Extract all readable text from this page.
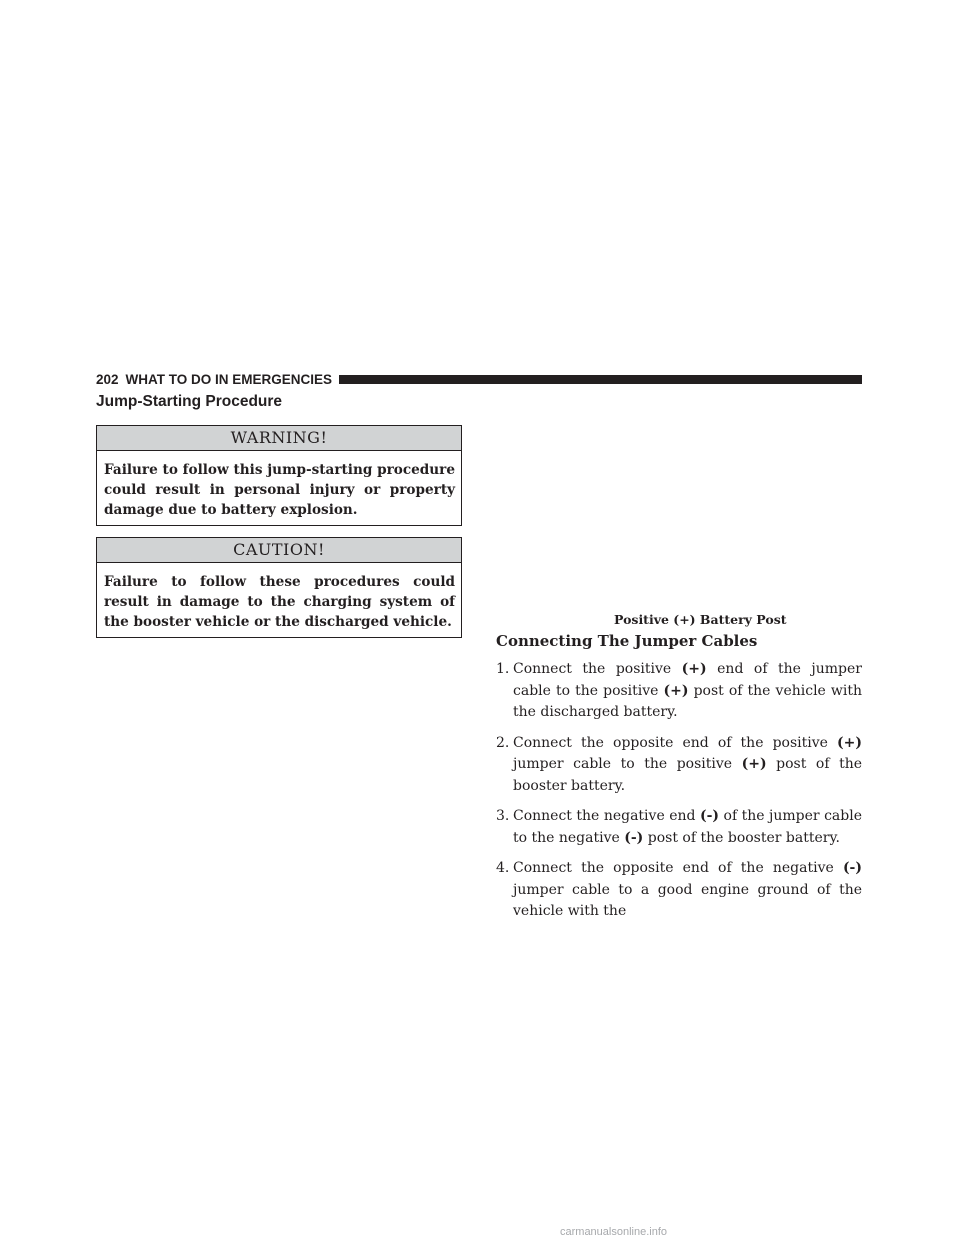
202 WHAT TO DO IN EMERGENCIES
Jump-Starting Procedure
WARNING!
Failure to follow this jump-starting procedure could result in personal injury or property damage due to battery explosion.
CAUTION!
Failure to follow these procedures could result in damage to the charging system of the booster vehicle or the discharged vehicle.	Positive (+) Battery Post
Connecting The Jumper Cables
1. Connect the positive (+) end of the jumper cable to the positive (+) post of the vehicle with the discharged battery.
2. Connect the opposite end of the positive (+) jumper cable to the positive (+) post of the booster battery.
3. Connect the negative end (-) of the jumper cable to the negative (-) post of the booster battery.
4. Connect the opposite end of the negative (-) jumper cable to a good engine ground of the vehicle with the
carmanualsonline.info
